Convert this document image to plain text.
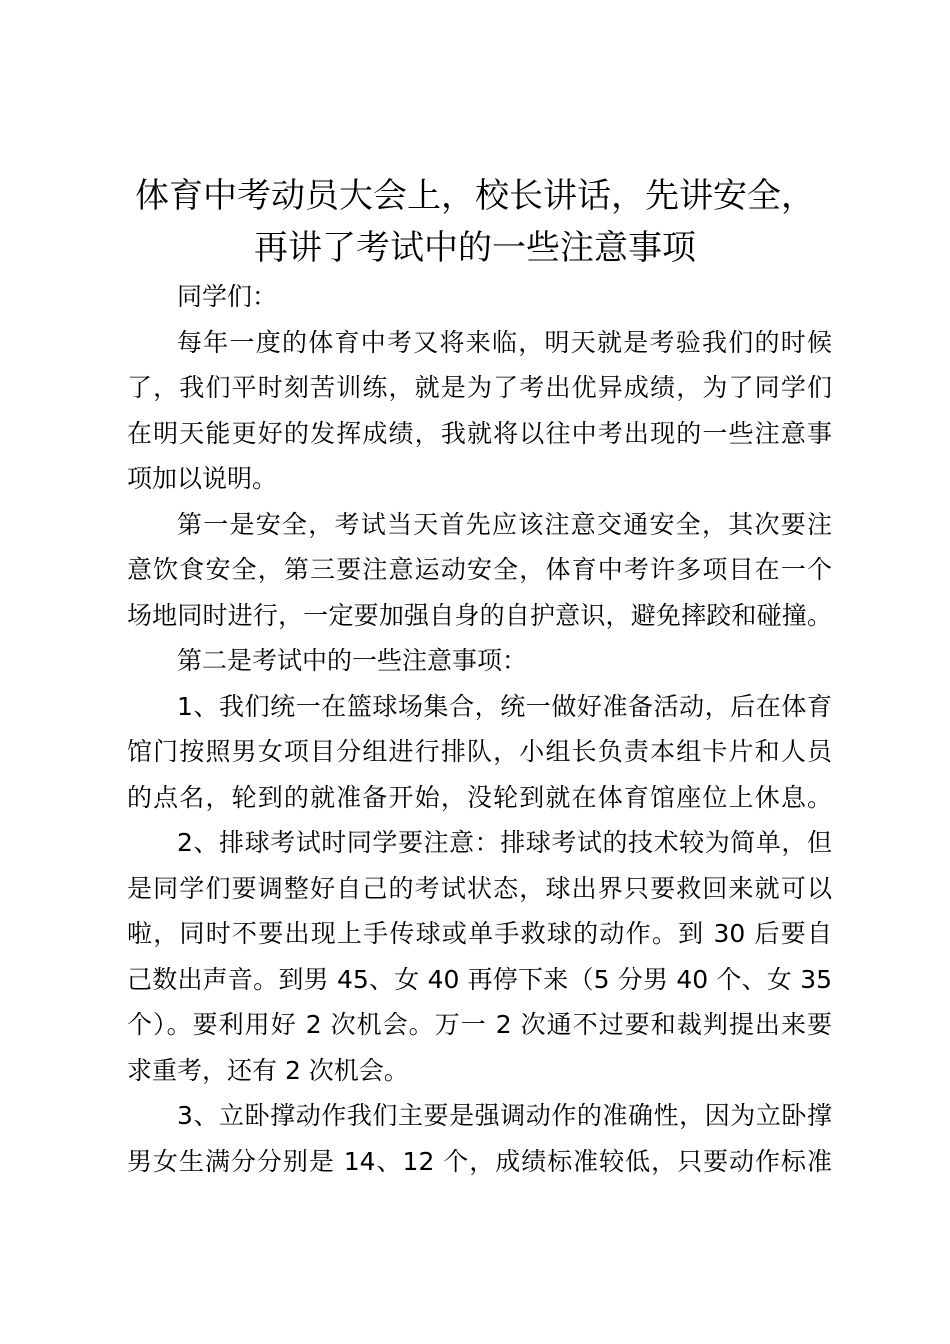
体育中考动员大会上，校长讲话，先讲安全，
再讲了考试中的一些注意事项
同学们：
每年一度的体育中考又将来临，明天就是考验我们的时候
了，我们平时刻苦训练，就是为了考出优异成绩，为了同学们
在明天能更好的发挥成绩，我就将以往中考出现的一些注意事
项加以说明。
第一是安全，考试当天首先应该注意交通安全，其次要注
意饮食安全，第三要注意运动安全，体育中考许多项目在一个
场地同时进行，一定要加强自身的自护意识，避免摔跤和碰撞。
第二是考试中的一些注意事项：
1、我们统一在篮球场集合，统一做好准备活动，后在体育
馆门按照男女项目分组进行排队，小组长负责本组卡片和人员
的点名，轮到的就准备开始，没轮到就在体育馆座位上休息。
2、排球考试时同学要注意：排球考试的技术较为简单，但
是同学们要调整好自己的考试状态，球出界只要救回来就可以
啦，同时不要出现上手传球或单手救球的动作。到 30 后要自
己数出声音。到男 45、女 40 再停下来（5 分男 40 个、女 35
个）。要利用好 2 次机会。万一 2 次通不过要和裁判提出来要
求重考，还有 2 次机会。
3、立卧撑动作我们主要是强调动作的准确性，因为立卧撑
男女生满分分别是 14、12 个，成绩标准较低，只要动作标准
